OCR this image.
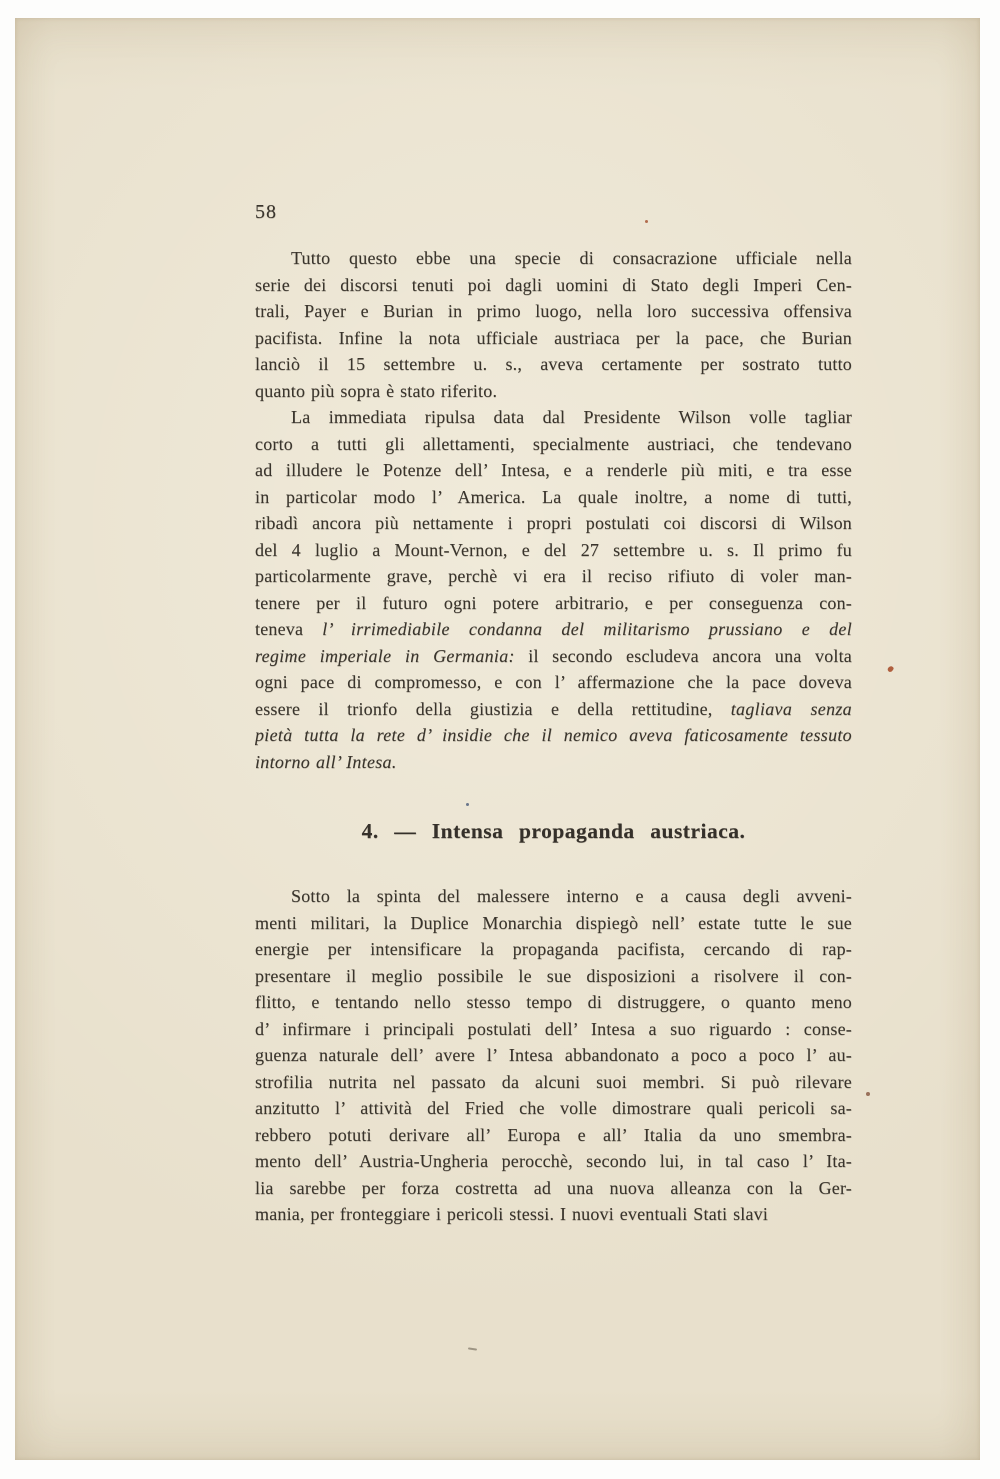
58

Tutto questo ebbe una specie di consacrazione ufficiale nella
serie dei discorsi tenuti poi dagli uomini di Stato degli Imperi Cen-
trali, Payer e Burian in primo luogo, nella loro successiva offensiva
pacifista. Infine la nota ufficiale austriaca per la pace, che Burian
lanciò il 15 settembre u. s., aveva certamente per sostrato tutto
quanto più sopra è stato riferito.

La immediata ripulsa data dal Presidente Wilson volle tagliar
corto a tutti gli allettamenti, specialmente austriaci, che tendevano
ad illudere le Potenze dell’ Intesa, e a renderle più miti, e tra esse
in particolar modo l’ America. La quale inoltre, a nome di tutti,
ribadì ancora più nettamente i propri postulati coi discorsi di Wilson
del 4 luglio a Mount-Vernon, e del 27 settembre u. s. Il primo fu
particolarmente grave, perchè vi era il reciso rifiuto di voler man-
tenere per il futuro ogni potere arbitrario, e per conseguenza con-
teneva l’ irrimediabile condanna del militarismo prussiano e del
regime imperiale in Germania: il secondo escludeva ancora una volta
ogni pace di compromesso, e con l’ affermazione che la pace doveva
essere il trionfo della giustizia e della rettitudine, tagliava senza
pietà tutta la rete d’ insidie che il nemico aveva faticosamente tessuto
intorno all’ Intesa.

4. — Intensa propaganda austriaca.

Sotto la spinta del malessere interno e a causa degli avveni-
menti militari, la Duplice Monarchia dispiegò nell’ estate tutte le sue
energie per intensificare la propaganda pacifista, cercando di rap-
presentare il meglio possibile le sue disposizioni a risolvere il con-
flitto, e tentando nello stesso tempo di distruggere, o quanto meno
d’ infirmare i principali postulati dell’ Intesa a suo riguardo : conse-
guenza naturale dell’ avere l’ Intesa abbandonato a poco a poco l’ au-
strofilia nutrita nel passato da alcuni suoi membri. Si può rilevare
anzitutto l’ attività del Fried che volle dimostrare quali pericoli sa-
rebbero potuti derivare all’ Europa e all’ Italia da uno smembra-
mento dell’ Austria-Ungheria perocchè, secondo lui, in tal caso l’ Ita-
lia sarebbe per forza costretta ad una nuova alleanza con la Ger-
mania, per fronteggiare i pericoli stessi. I nuovi eventuali Stati slavi
